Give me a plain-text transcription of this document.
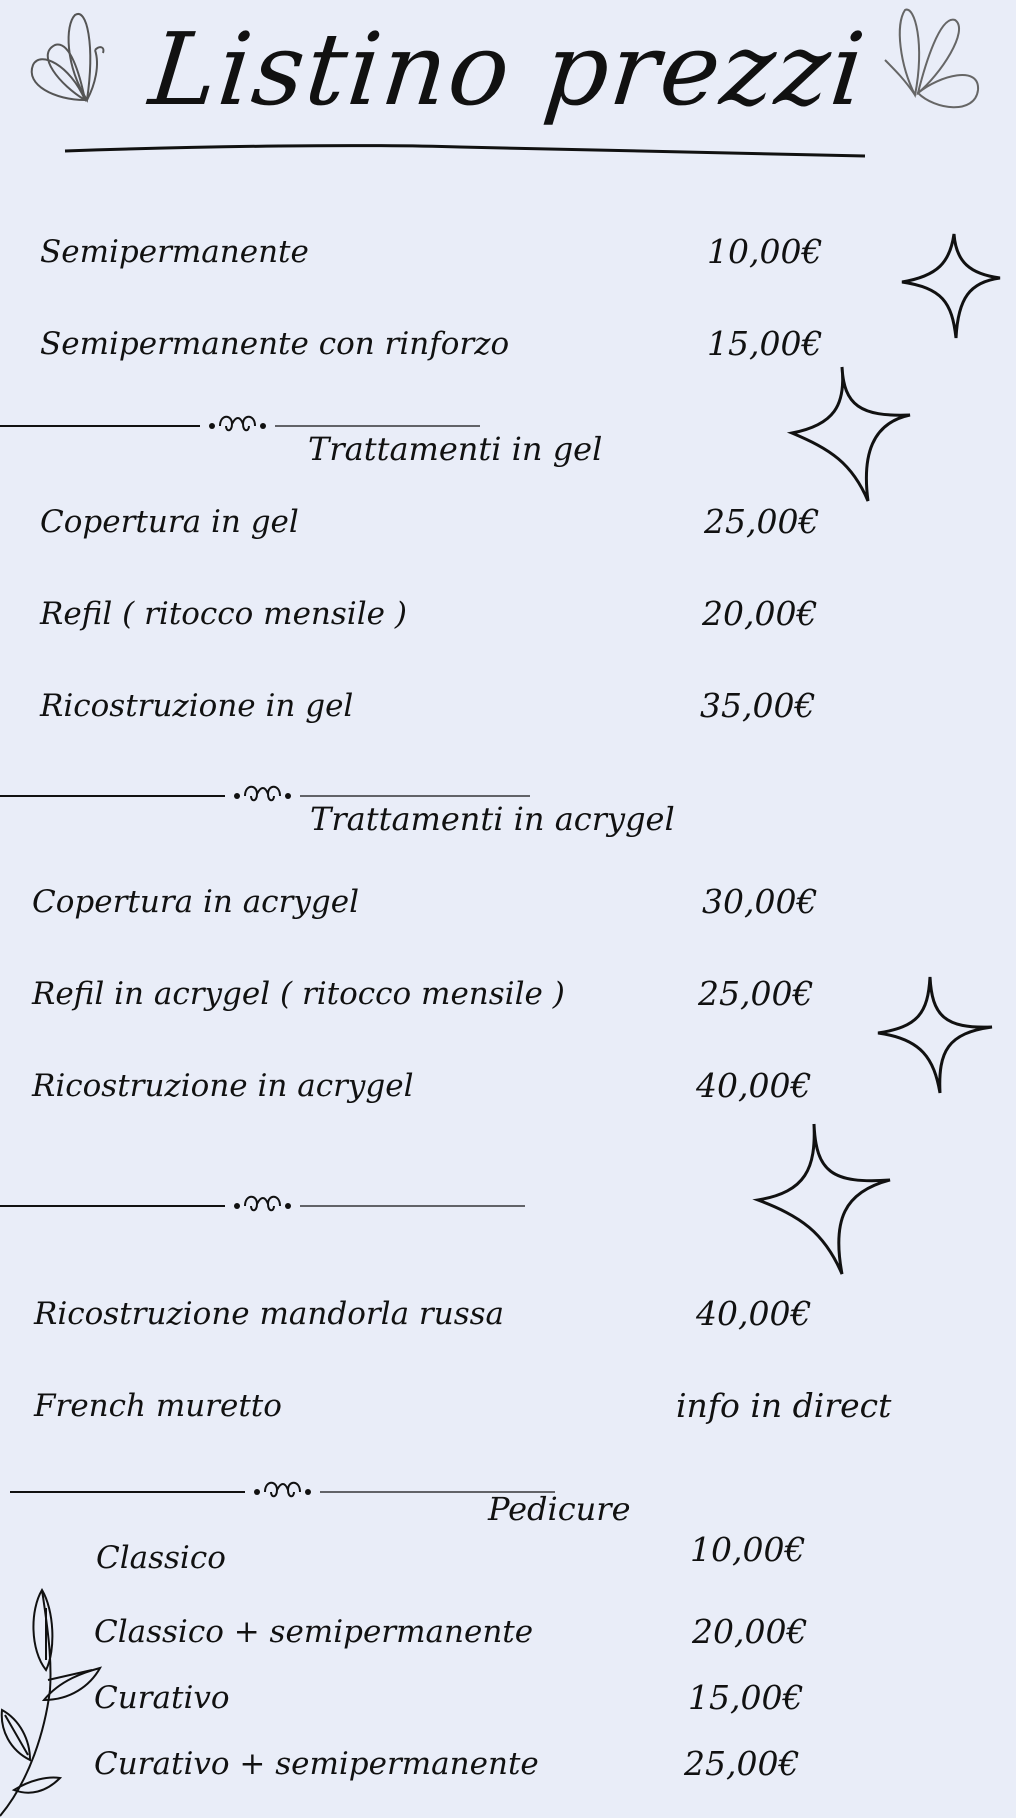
Listino prezzi
Trattamenti in gel
Trattamenti in acrygel
Pedicure
Semipermanente	10,00€
Semipermanente con rinforzo	15,00€
Copertura in gel	25,00€
Refil ( ritocco mensile )	20,00€
Ricostruzione in gel	35,00€
Copertura in acrygel	30,00€
Refil in acrygel ( ritocco mensile )	25,00€
Ricostruzione in acrygel	40,00€
Ricostruzione mandorla russa	40,00€
French muretto	info in direct
Classico	10,00€
Classico + semipermanente	20,00€
Curativo	15,00€
Curativo + semipermanente	25,00€
